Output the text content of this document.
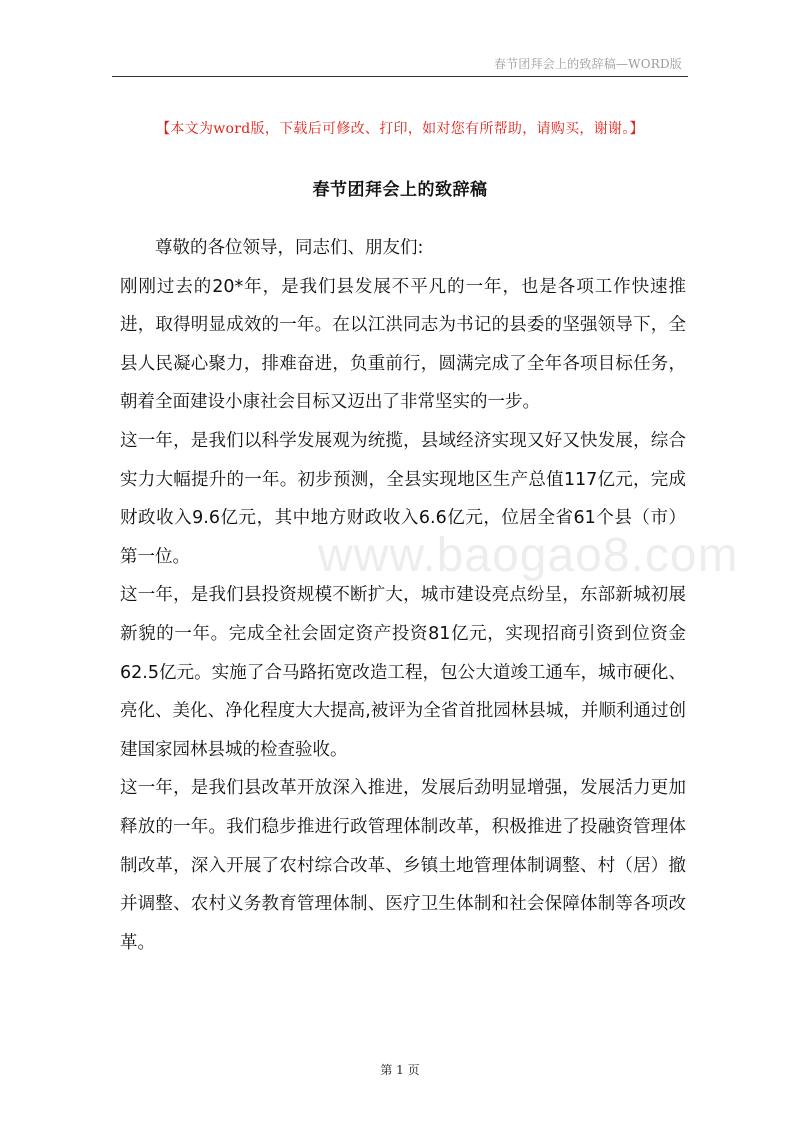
春节团拜会上的致辞稿—WORD版
【本文为word版，下载后可修改、打印，如对您有所帮助，请购买，谢谢。】
春节团拜会上的致辞稿

尊敬的各位领导，同志们、朋友们:

刚刚过去的20*年，是我们县发展不平凡的一年，也是各项工作快速推进，取得明显成效的一年。在以江洪同志为书记的县委的坚强领导下，全县人民凝心聚力，排难奋进，负重前行，圆满完成了全年各项目标任务，朝着全面建设小康社会目标又迈出了非常坚实的一步。

这一年，是我们以科学发展观为统揽，县域经济实现又好又快发展，综合实力大幅提升的一年。初步预测，全县实现地区生产总值117亿元，完成财政收入9.6亿元，其中地方财政收入6.6亿元，位居全省61个县（市）第一位。

这一年，是我们县投资规模不断扩大，城市建设亮点纷呈，东部新城初展新貌的一年。完成全社会固定资产投资81亿元，实现招商引资到位资金62.5亿元。实施了合马路拓宽改造工程，包公大道竣工通车，城市硬化、亮化、美化、净化程度大大提高,被评为全省首批园林县城，并顺利通过创建国家园林县城的检查验收。

这一年，是我们县改革开放深入推进，发展后劲明显增强，发展活力更加释放的一年。我们稳步推进行政管理体制改革，积极推进了投融资管理体制改革，深入开展了农村综合改革、乡镇土地管理体制调整、村（居）撤并调整、农村义务教育管理体制、医疗卫生体制和社会保障体制等各项改革。

www.baogao8.com
第 1 页
